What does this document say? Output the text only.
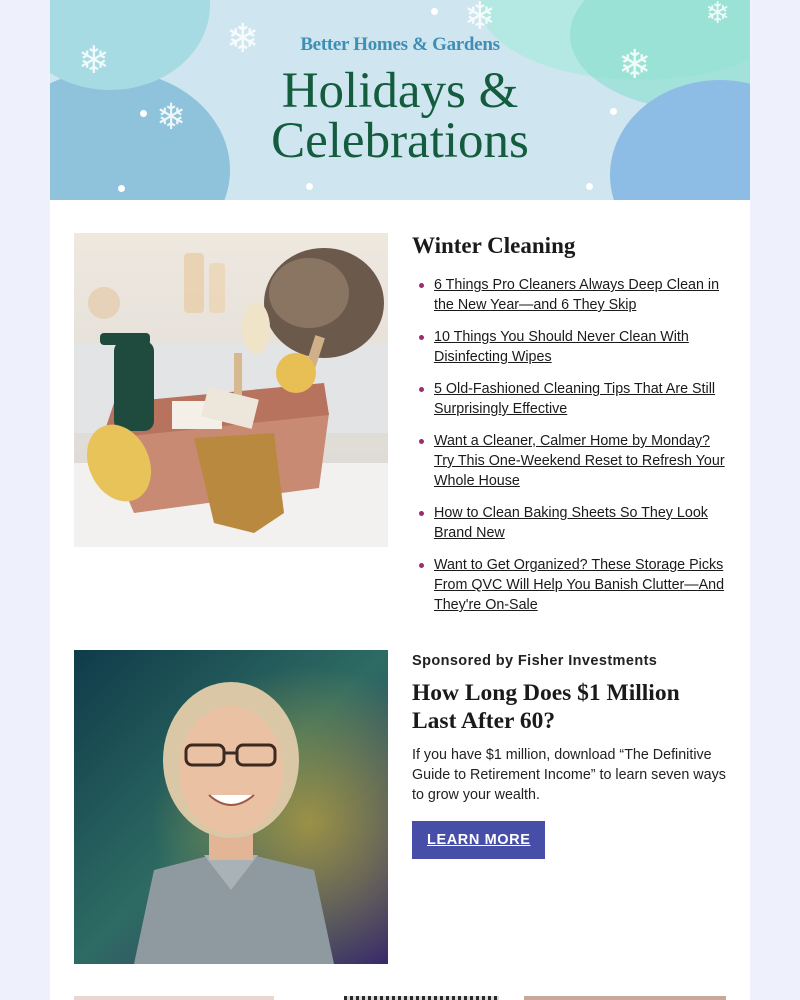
❄	❄
❄
❄
❄
❄
Better Homes & Gardens
Holidays &
Celebrations
Winter Cleaning
6 Things Pro Cleaners Always Deep Clean in the New Year—and 6 They Skip
10 Things You Should Never Clean With Disinfecting Wipes
5 Old-Fashioned Cleaning Tips That Are Still Surprisingly Effective
Want a Cleaner, Calmer Home by Monday? Try This One-Weekend Reset to Refresh Your Whole House
How to Clean Baking Sheets So They Look Brand New
Want to Get Organized? These Storage Picks From QVC Will Help You Banish Clutter—And They're On-Sale
Sponsored by Fisher Investments
How Long Does $1 Million Last After 60?

If you have $1 million, download “The Definitive Guide to Retirement Income” to learn seven ways to grow your wealth.

LEARN MORE
